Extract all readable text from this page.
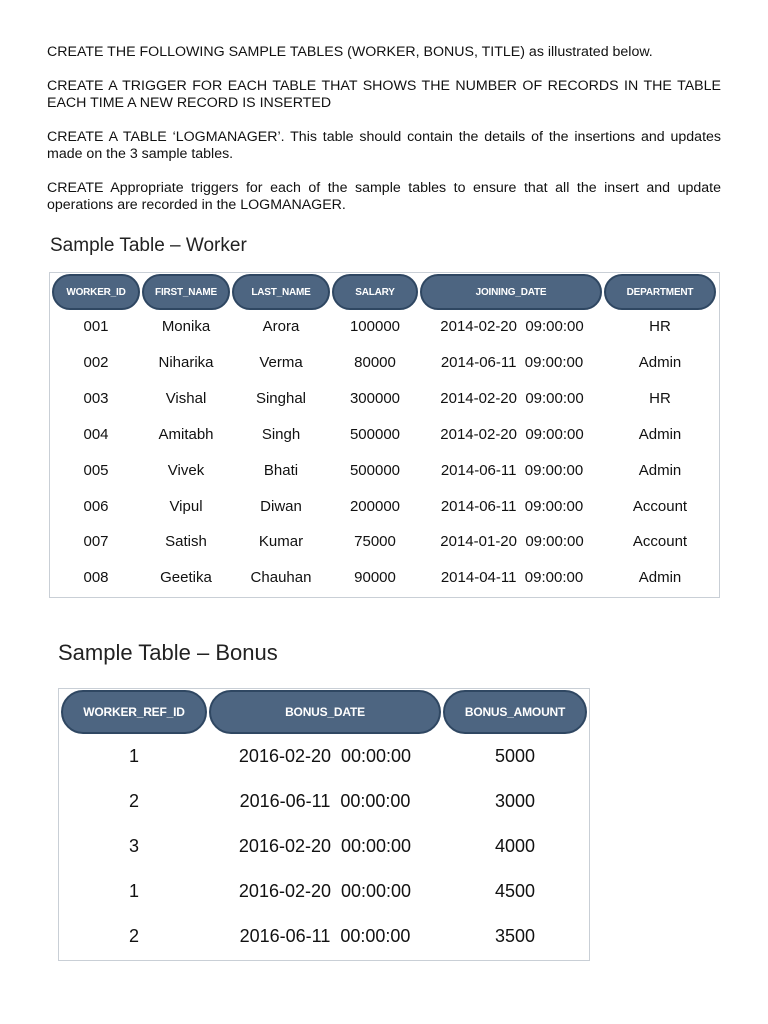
CREATE THE FOLLOWING SAMPLE TABLES (WORKER, BONUS, TITLE) as illustrated below.

CREATE A TRIGGER FOR EACH TABLE THAT SHOWS THE NUMBER OF RECORDS IN THE TABLE EACH TIME A NEW RECORD IS INSERTED

CREATE A TABLE ‘LOGMANAGER’. This table should contain the details of the insertions and updates made on the 3 sample tables.

CREATE Appropriate triggers for each of the sample tables to ensure that all the insert and update operations are recorded in the LOGMANAGER.

Sample Table – Worker
WORKER_ID	FIRST_NAME	LAST_NAME	SALARY	JOINING_DATE	DEPARTMENT
001	Monika	Arora	100000	2014-02-20  09:00:00	HR
002	Niharika	Verma	80000	2014-06-11  09:00:00	Admin
003	Vishal	Singhal	300000	2014-02-20  09:00:00	HR
004	Amitabh	Singh	500000	2014-02-20  09:00:00	Admin
005	Vivek	Bhati	500000	2014-06-11  09:00:00	Admin
006	Vipul	Diwan	200000	2014-06-11  09:00:00	Account
007	Satish	Kumar	75000	2014-01-20  09:00:00	Account
008	Geetika	Chauhan	90000	2014-04-11  09:00:00	Admin
Sample Table – Bonus
WORKER_REF_ID	BONUS_DATE	BONUS_AMOUNT
1	2016-02-20  00:00:00	5000
2	2016-06-11  00:00:00	3000
3	2016-02-20  00:00:00	4000
1	2016-02-20  00:00:00	4500
2	2016-06-11  00:00:00	3500
